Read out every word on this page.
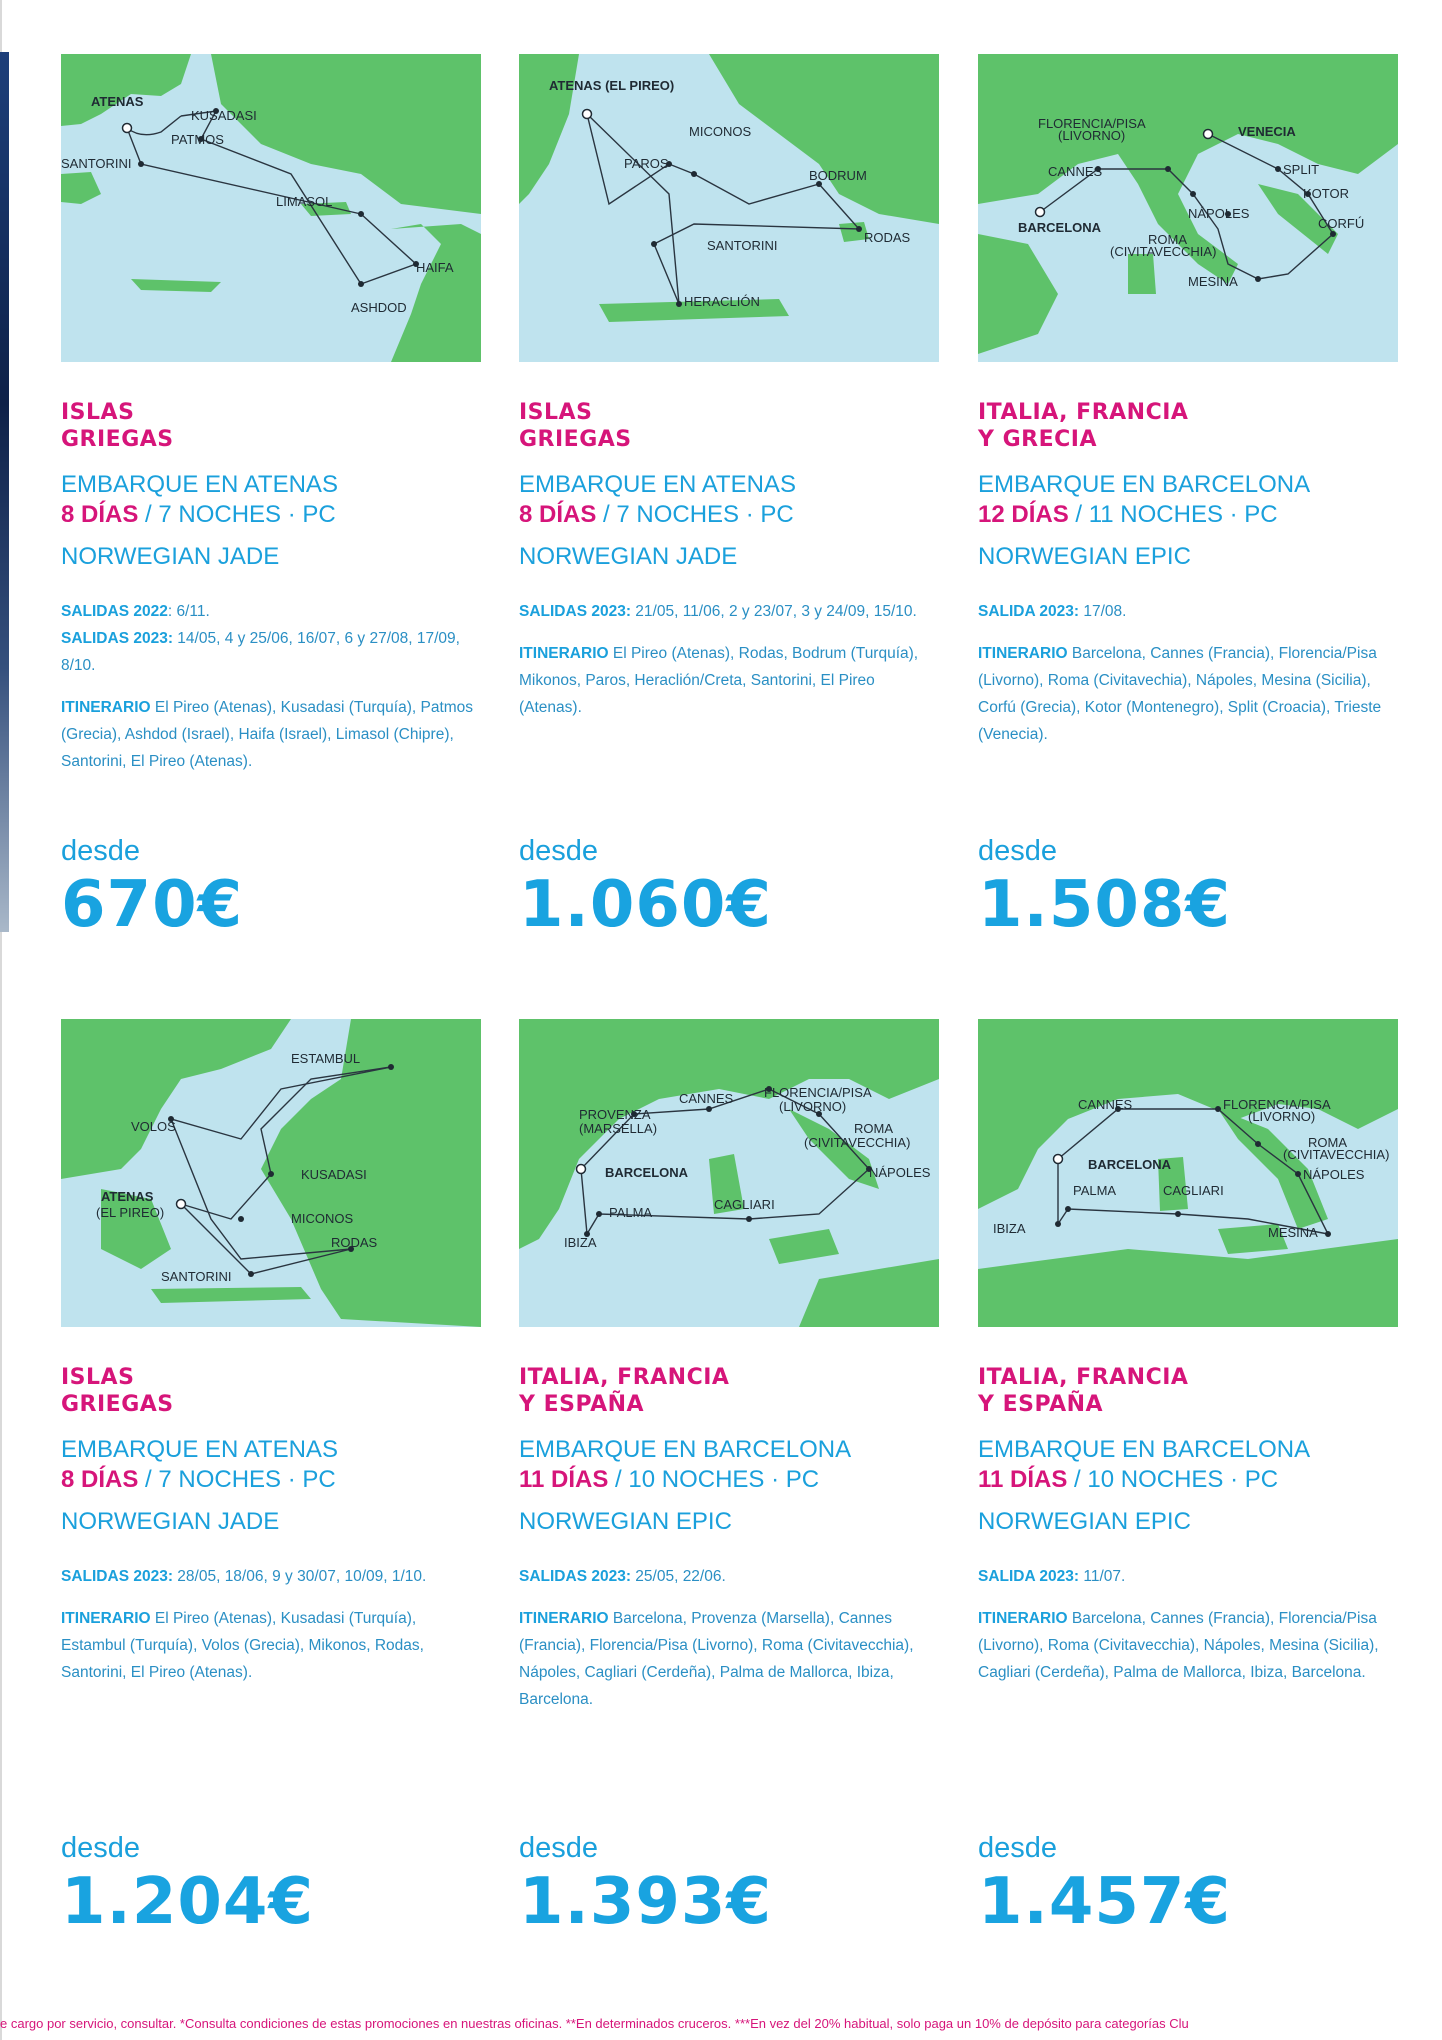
ATENAS
KUSADASI
PATMOS
SANTORINI
LIMASOL
HAIFA
ASHDOD
ISLAS
GRIEGAS
EMBARQUE EN ATENAS
8 DÍAS / 7 NOCHES · PC
NORWEGIAN JADE

SALIDAS 2022: 6/11.
SALIDAS 2023: 14/05, 4 y 25/06, 16/07, 6 y 27/08, 17/09, 8/10.

ITINERARIO El Pireo (Atenas), Kusadasi (Turquía), Patmos (Grecia), Ashdod (Israel), Haifa (Israel), Limasol (Chipre), Santorini, El Pireo (Atenas).

desde
670€
ATENAS (EL PIREO)
MICONOS
PAROS
BODRUM
SANTORINI
RODAS
HERACLIÓN
ISLAS
GRIEGAS
EMBARQUE EN ATENAS
8 DÍAS / 7 NOCHES · PC
NORWEGIAN JADE

SALIDAS 2023: 21/05, 11/06, 2 y 23/07, 3 y 24/09, 15/10.

ITINERARIO El Pireo (Atenas), Rodas, Bodrum (Turquía), Mikonos, Paros, Heraclión/Creta, Santorini, El Pireo (Atenas).

desde
1.060€
FLORENCIA/PISA
(LIVORNO)	VENECIA
CANNES	SPLIT
KOTOR
NÁPOLES
BARCELONA
ROMA
(CIVITAVECCHIA)
CORFÚ
MESINA
ITALIA, FRANCIA
Y GRECIA
EMBARQUE EN BARCELONA
12 DÍAS / 11 NOCHES · PC
NORWEGIAN EPIC

SALIDA 2023: 17/08.

ITINERARIO Barcelona, Cannes (Francia), Florencia/Pisa (Livorno), Roma (Civitavechia), Nápoles, Mesina (Sicilia), Corfú (Grecia), Kotor (Montenegro), Split (Croacia), Trieste (Venecia).

desde
1.508€
ESTAMBUL
VOLOS
ATENAS
(EL PIREO)
KUSADASI
MICONOS
RODAS
SANTORINI
ISLAS
GRIEGAS
EMBARQUE EN ATENAS
8 DÍAS / 7 NOCHES · PC
NORWEGIAN JADE

SALIDAS 2023: 28/05, 18/06, 9 y 30/07, 10/09, 1/10.

ITINERARIO El Pireo (Atenas), Kusadasi (Turquía), Estambul (Turquía), Volos (Grecia), Mikonos, Rodas, Santorini, El Pireo (Atenas).

desde
1.204€
CANNES FLORENCIA/PISA
(LIVORNO)
PROVENZA
(MARSELLA)	ROMA
(CIVITAVECCHIA)
BARCELONA	NÁPOLES
PALMA
CAGLIARI
IBIZA
ITALIA, FRANCIA
Y ESPAÑA
EMBARQUE EN BARCELONA
11 DÍAS / 10 NOCHES · PC
NORWEGIAN EPIC

SALIDAS 2023: 25/05, 22/06.

ITINERARIO Barcelona, Provenza (Marsella), Cannes (Francia), Florencia/Pisa (Livorno), Roma (Civitavecchia), Nápoles, Cagliari (Cerdeña), Palma de Mallorca, Ibiza, Barcelona.

desde
1.393€
CANNES	FLORENCIA/PISA
(LIVORNO)
ROMA
(CIVITAVECCHIA)
BARCELONA
NÁPOLES
CAGLIARI
PALMA
IBIZA	MESINA
ITALIA, FRANCIA
Y ESPAÑA
EMBARQUE EN BARCELONA
11 DÍAS / 10 NOCHES · PC
NORWEGIAN EPIC

SALIDA 2023: 11/07.

ITINERARIO Barcelona, Cannes (Francia), Florencia/Pisa (Livorno), Roma (Civitavecchia), Nápoles, Mesina (Sicilia), Cagliari (Cerdeña), Palma de Mallorca, Ibiza, Barcelona.

desde
1.457€
e cargo por servicio, consultar. *Consulta condiciones de estas promociones en nuestras oficinas. **En determinados cruceros. ***En vez del 20% habitual, solo paga un 10% de depósito para categorías Clu
